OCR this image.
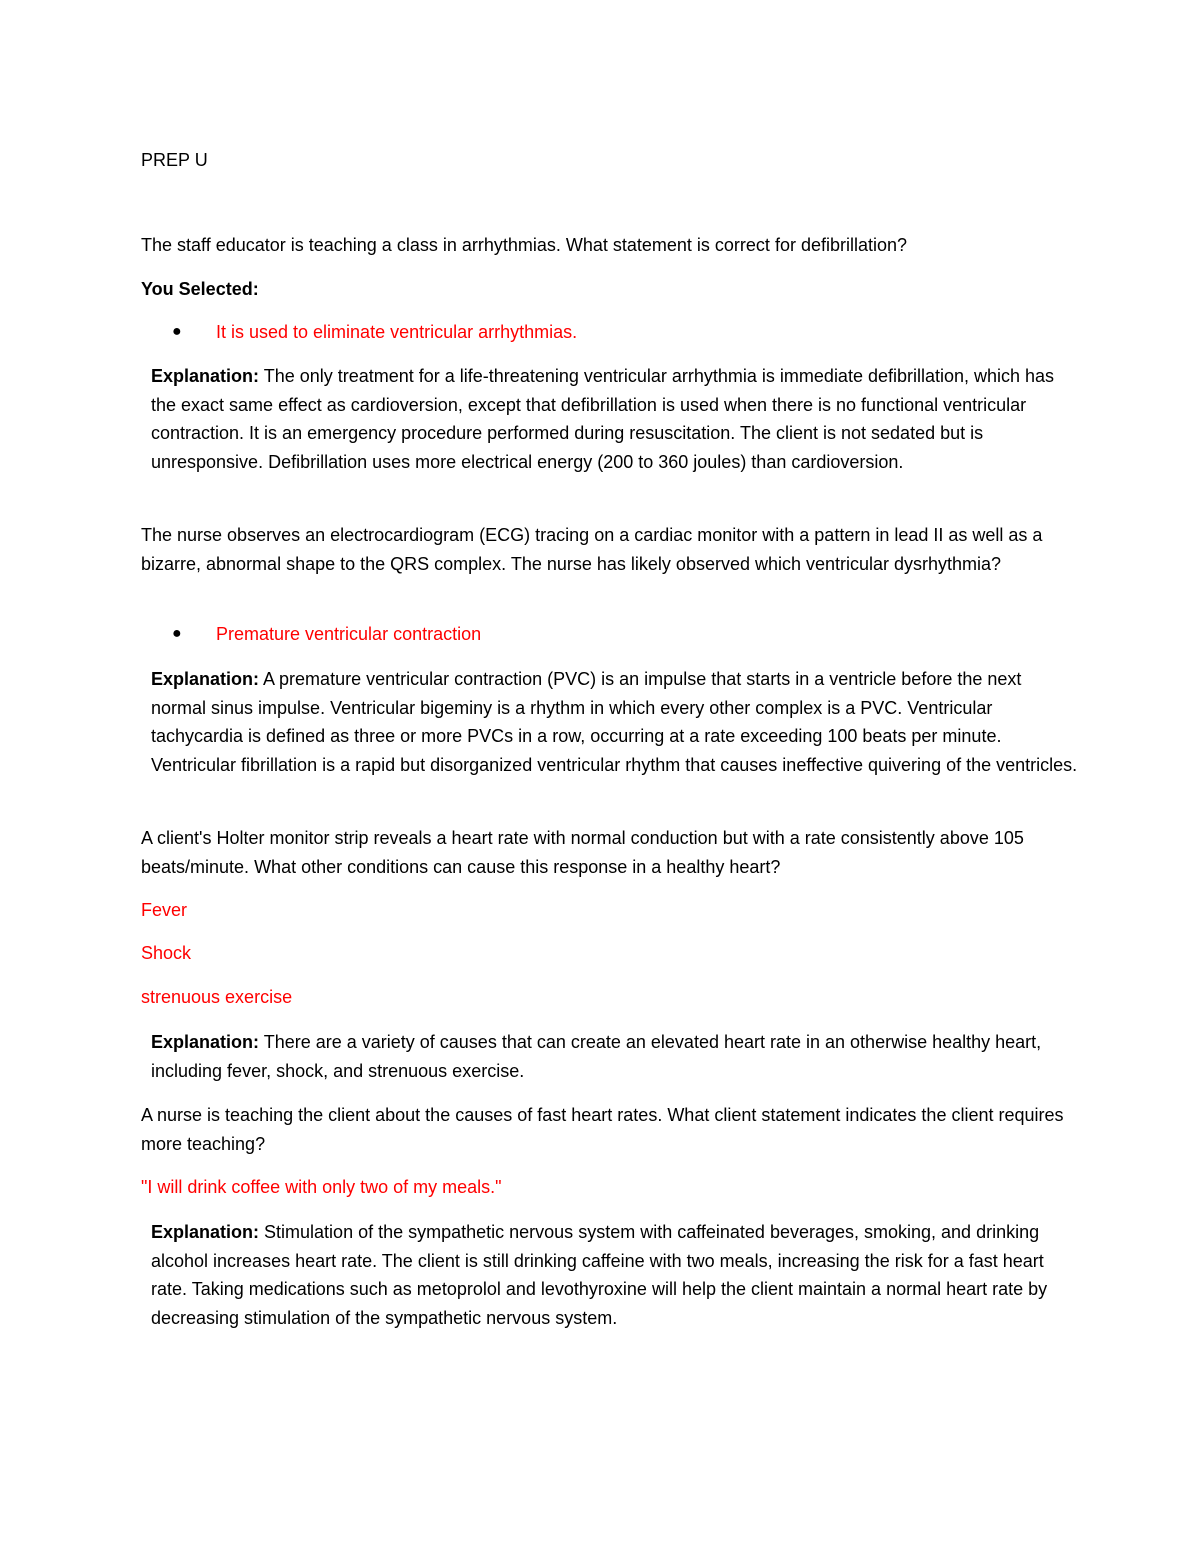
PREP U
The staff educator is teaching a class in arrhythmias. What statement is correct for defibrillation?
You Selected:
●	It is used to eliminate ventricular arrhythmias.
Explanation: The only treatment for a life-threatening ventricular arrhythmia is immediate defibrillation, which has the exact same effect as cardioversion, except that defibrillation is used when there is no functional ventricular contraction. It is an emergency procedure performed during resuscitation. The client is not sedated but is unresponsive. Defibrillation uses more electrical energy (200 to 360 joules) than cardioversion.
The nurse observes an electrocardiogram (ECG) tracing on a cardiac monitor with a pattern in lead II as well as a bizarre, abnormal shape to the QRS complex. The nurse has likely observed which ventricular dysrhythmia?
●	Premature ventricular contraction
Explanation: A premature ventricular contraction (PVC) is an impulse that starts in a ventricle before the next normal sinus impulse. Ventricular bigeminy is a rhythm in which every other complex is a PVC. Ventricular tachycardia is defined as three or more PVCs in a row, occurring at a rate exceeding 100 beats per minute. Ventricular fibrillation is a rapid but disorganized ventricular rhythm that causes ineffective quivering of the ventricles.
A client's Holter monitor strip reveals a heart rate with normal conduction but with a rate consistently above 105 beats/minute. What other conditions can cause this response in a healthy heart?
Fever
Shock
strenuous exercise
Explanation: There are a variety of causes that can create an elevated heart rate in an otherwise healthy heart, including fever, shock, and strenuous exercise.
A nurse is teaching the client about the causes of fast heart rates. What client statement indicates the client requires more teaching?
"I will drink coffee with only two of my meals."
Explanation: Stimulation of the sympathetic nervous system with caffeinated beverages, smoking, and drinking alcohol increases heart rate. The client is still drinking caffeine with two meals, increasing the risk for a fast heart rate. Taking medications such as metoprolol and levothyroxine will help the client maintain a normal heart rate by decreasing stimulation of the sympathetic nervous system.
